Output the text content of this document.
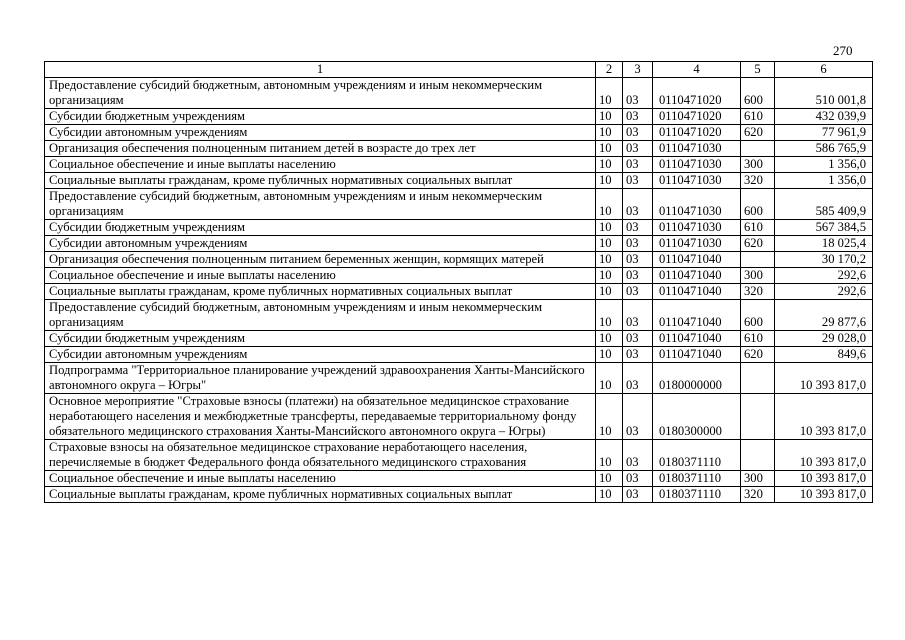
270
1	2	3	4	5	6
Предоставление субсидий бюджетным, автономным учреждениям и иным некоммерческим организациям	10	03	0110471020	600	510 001,8
Субсидии бюджетным учреждениям	10	03	0110471020	610	432 039,9
Субсидии автономным учреждениям	10	03	0110471020	620	77 961,9
Организация обеспечения полноценным питанием детей в возрасте до трех лет	10	03	0110471030		586 765,9
Социальное обеспечение и иные выплаты населению	10	03	0110471030	300	1 356,0
Социальные выплаты гражданам, кроме публичных нормативных социальных выплат	10	03	0110471030	320	1 356,0
Предоставление субсидий бюджетным, автономным учреждениям и иным некоммерческим организациям	10	03	0110471030	600	585 409,9
Субсидии бюджетным учреждениям	10	03	0110471030	610	567 384,5
Субсидии автономным учреждениям	10	03	0110471030	620	18 025,4
Организация обеспечения полноценным питанием беременных женщин, кормящих матерей	10	03	0110471040		30 170,2
Социальное обеспечение и иные выплаты населению	10	03	0110471040	300	292,6
Социальные выплаты гражданам, кроме публичных нормативных социальных выплат	10	03	0110471040	320	292,6
Предоставление субсидий бюджетным, автономным учреждениям и иным некоммерческим организациям	10	03	0110471040	600	29 877,6
Субсидии бюджетным учреждениям	10	03	0110471040	610	29 028,0
Субсидии автономным учреждениям	10	03	0110471040	620	849,6
Подпрограмма "Территориальное планирование учреждений здравоохранения Ханты-Мансийского автономного округа – Югры"	10	03	0180000000		10 393 817,0
Основное мероприятие "Страховые взносы (платежи) на обязательное медицинское страхование неработающего населения и межбюджетные трансферты, передаваемые территориальному фонду обязательного медицинского страхования Ханты-Мансийского автономного округа – Югры)	10	03	0180300000		10 393 817,0
Страховые взносы на обязательное медицинское страхование неработающего населения, перечисляемые в бюджет Федерального фонда обязательного медицинского страхования	10	03	0180371110		10 393 817,0
Социальное обеспечение и иные выплаты населению	10	03	0180371110	300	10 393 817,0
Социальные выплаты гражданам, кроме публичных нормативных социальных выплат	10	03	0180371110	320	10 393 817,0
